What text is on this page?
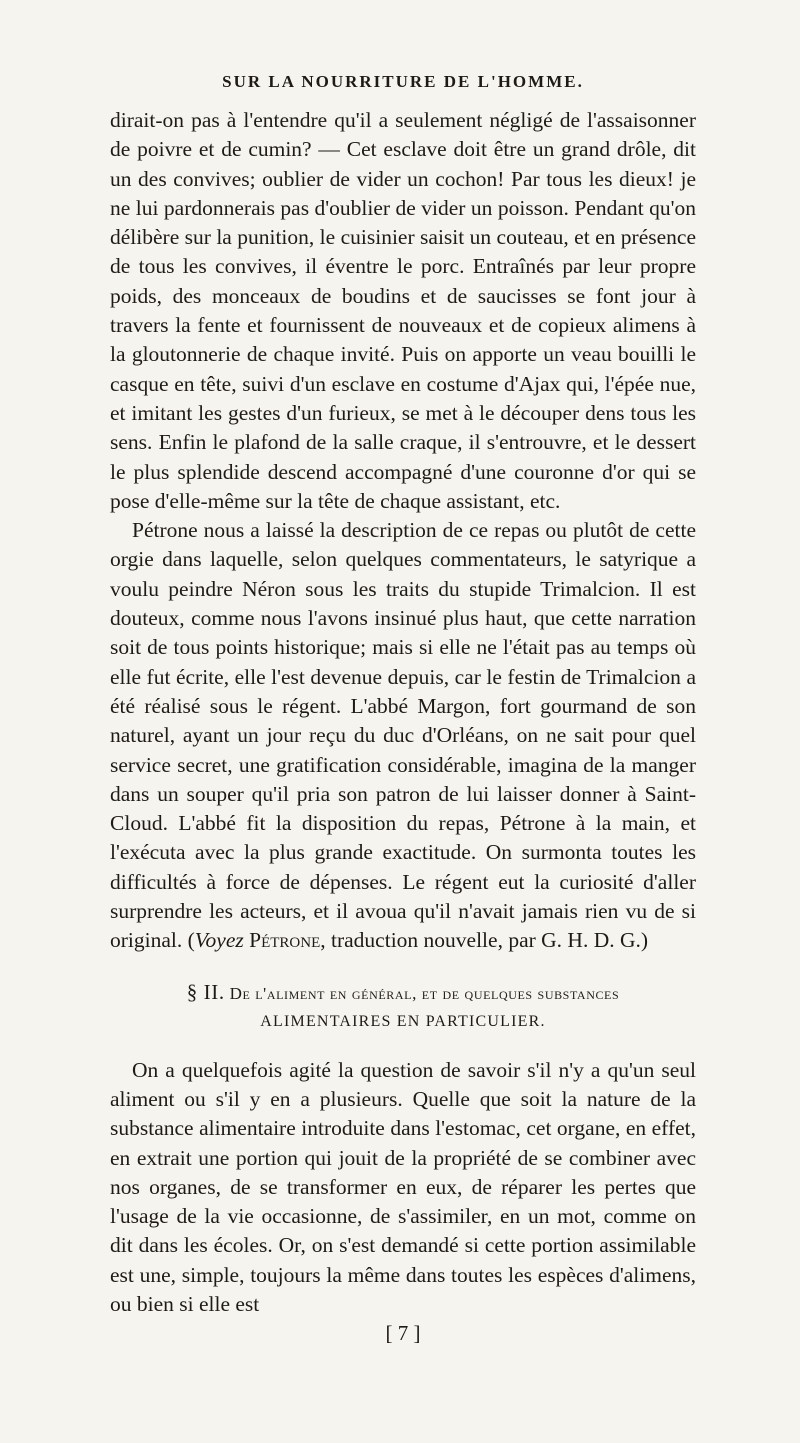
SUR LA NOURRITURE DE L'HOMME.

dirait-on pas à l'entendre qu'il a seulement négligé de l'assaisonner de poivre et de cumin? — Cet esclave doit être un grand drôle, dit un des convives; oublier de vider un cochon! Par tous les dieux! je ne lui pardonnerais pas d'oublier de vider un poisson. Pendant qu'on délibère sur la punition, le cuisinier saisit un couteau, et en présence de tous les convives, il éventre le porc. Entraînés par leur propre poids, des monceaux de boudins et de saucisses se font jour à travers la fente et fournissent de nouveaux et de copieux alimens à la gloutonnerie de chaque invité. Puis on apporte un veau bouilli le casque en tête, suivi d'un esclave en costume d'Ajax qui, l'épée nue, et imitant les gestes d'un furieux, se met à le découper dens tous les sens. Enfin le plafond de la salle craque, il s'entrouvre, et le dessert le plus splendide descend accompagné d'une couronne d'or qui se pose d'elle-même sur la tête de chaque assistant, etc.

Pétrone nous a laissé la description de ce repas ou plutôt de cette orgie dans laquelle, selon quelques commentateurs, le satyrique a voulu peindre Néron sous les traits du stupide Trimalcion. Il est douteux, comme nous l'avons insinué plus haut, que cette narration soit de tous points historique; mais si elle ne l'était pas au temps où elle fut écrite, elle l'est devenue depuis, car le festin de Trimalcion a été réalisé sous le régent. L'abbé Margon, fort gourmand de son naturel, ayant un jour reçu du duc d'Orléans, on ne sait pour quel service secret, une gratification considérable, imagina de la manger dans un souper qu'il pria son patron de lui laisser donner à Saint-Cloud. L'abbé fit la disposition du repas, Pétrone à la main, et l'exécuta avec la plus grande exactitude. On surmonta toutes les difficultés à force de dépenses. Le régent eut la curiosité d'aller surprendre les acteurs, et il avoua qu'il n'avait jamais rien vu de si original. (Voyez Pétrone, traduction nouvelle, par G. H. D. G.)

§ II. De l'aliment en général, et de quelques substances
ALIMENTAIRES EN PARTICULIER.

On a quelquefois agité la question de savoir s'il n'y a qu'un seul aliment ou s'il y en a plusieurs. Quelle que soit la nature de la substance alimentaire introduite dans l'estomac, cet organe, en effet, en extrait une portion qui jouit de la propriété de se combiner avec nos organes, de se transformer en eux, de réparer les pertes que l'usage de la vie occasionne, de s'assimiler, en un mot, comme on dit dans les écoles. Or, on s'est demandé si cette portion assimilable est une, simple, toujours la même dans toutes les espèces d'alimens, ou bien si elle est

[ 7 ]
